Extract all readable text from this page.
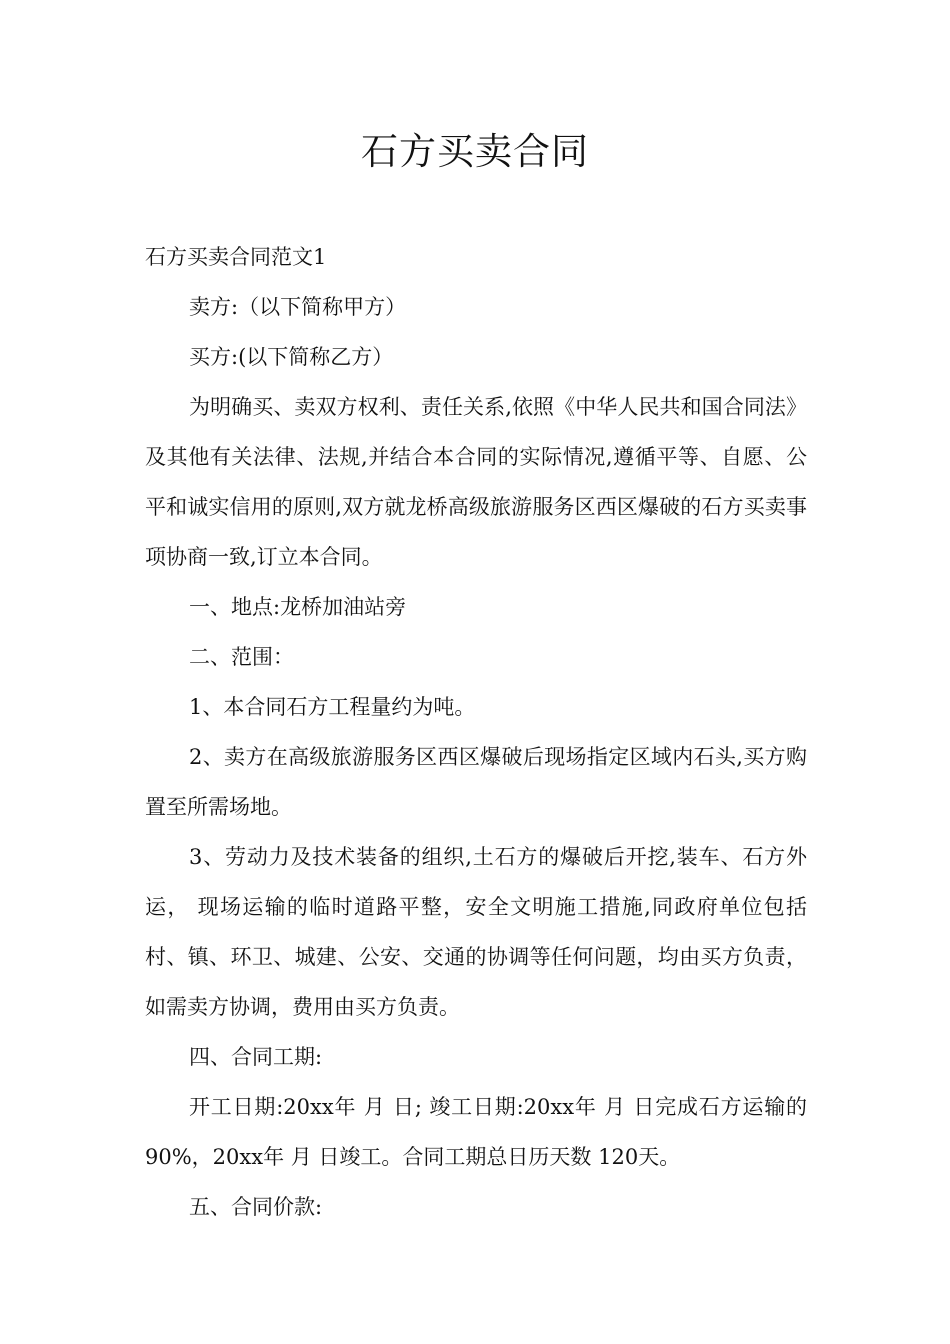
石方买卖合同

石方买卖合同范文1

卖方:（以下简称甲方）

买方:(以下简称乙方）

为明确买、卖双方权利、责任关系,依照《中华人民共和国合同法》及其他有关法律、法规,并结合本合同的实际情况,遵循平等、自愿、公平和诚实信用的原则,双方就龙桥高级旅游服务区西区爆破的石方买卖事项协商一致,订立本合同。

一、地点:龙桥加油站旁

二、范围：

1、本合同石方工程量约为吨。

2、卖方在高级旅游服务区西区爆破后现场指定区域内石头,买方购置至所需场地。

3、劳动力及技术装备的组织,土石方的爆破后开挖,装车、石方外运， 现场运输的临时道路平整，安全文明施工措施,同政府单位包括村、镇、环卫、城建、公安、交通的协调等任何问题，均由买方负责，如需卖方协调，费用由买方负责。

四、合同工期:

开工日期:20xx年 月 日; 竣工日期:20xx年 月 日完成石方运输的90%，20xx年 月 日竣工。合同工期总日历天数 120天。

五、合同价款:
